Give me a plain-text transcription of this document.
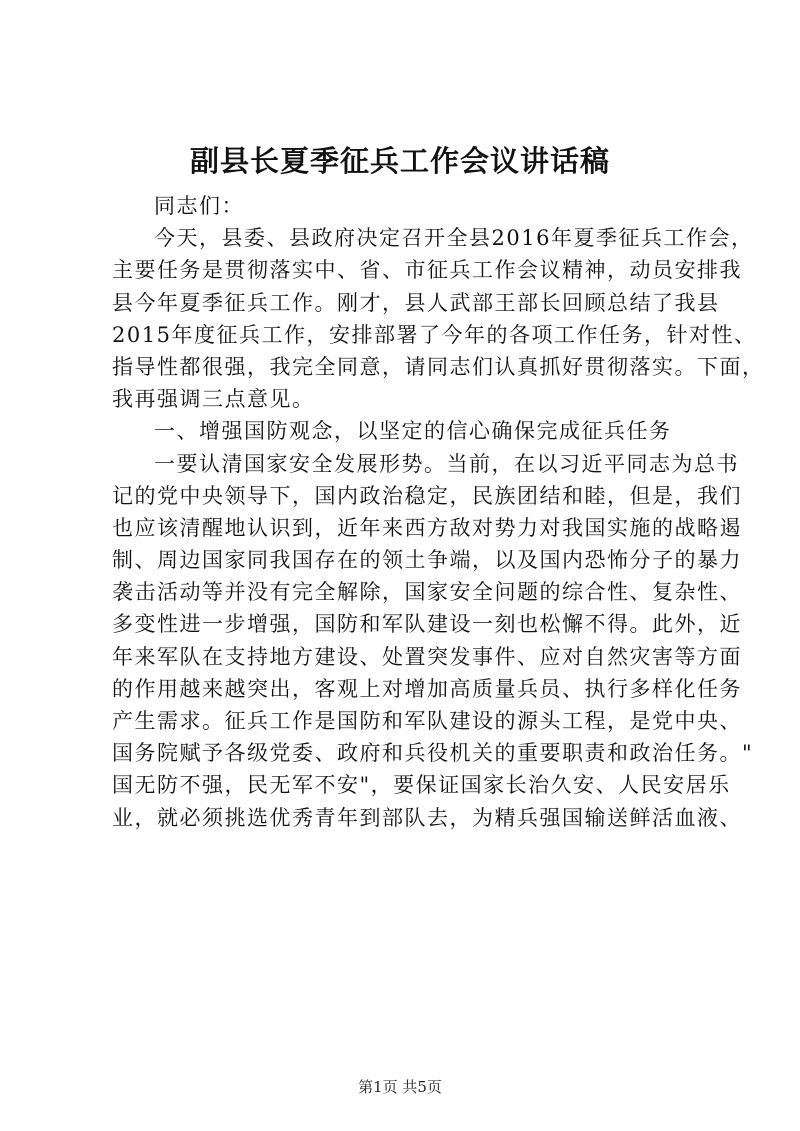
副县长夏季征兵工作会议讲话稿
同志们：
今天，县委、县政府决定召开全县2016年夏季征兵工作会，
主要任务是贯彻落实中、省、市征兵工作会议精神，动员安排我
县今年夏季征兵工作。刚才，县人武部王部长回顾总结了我县
2015年度征兵工作，安排部署了今年的各项工作任务，针对性、
指导性都很强，我完全同意，请同志们认真抓好贯彻落实。下面，
我再强调三点意见。
一、增强国防观念，以坚定的信心确保完成征兵任务
一要认清国家安全发展形势。当前，在以习近平同志为总书
记的党中央领导下，国内政治稳定，民族团结和睦，但是，我们
也应该清醒地认识到，近年来西方敌对势力对我国实施的战略遏
制、周边国家同我国存在的领土争端，以及国内恐怖分子的暴力
袭击活动等并没有完全解除，国家安全问题的综合性、复杂性、
多变性进一步增强，国防和军队建设一刻也松懈不得。此外，近
年来军队在支持地方建设、处置突发事件、应对自然灾害等方面
的作用越来越突出，客观上对增加高质量兵员、执行多样化任务
产生需求。征兵工作是国防和军队建设的源头工程，是党中央、
国务院赋予各级党委、政府和兵役机关的重要职责和政治任务。"
国无防不强，民无军不安"，要保证国家长治久安、人民安居乐
业，就必须挑选优秀青年到部队去，为精兵强国输送鲜活血液、
第1页 共5页
